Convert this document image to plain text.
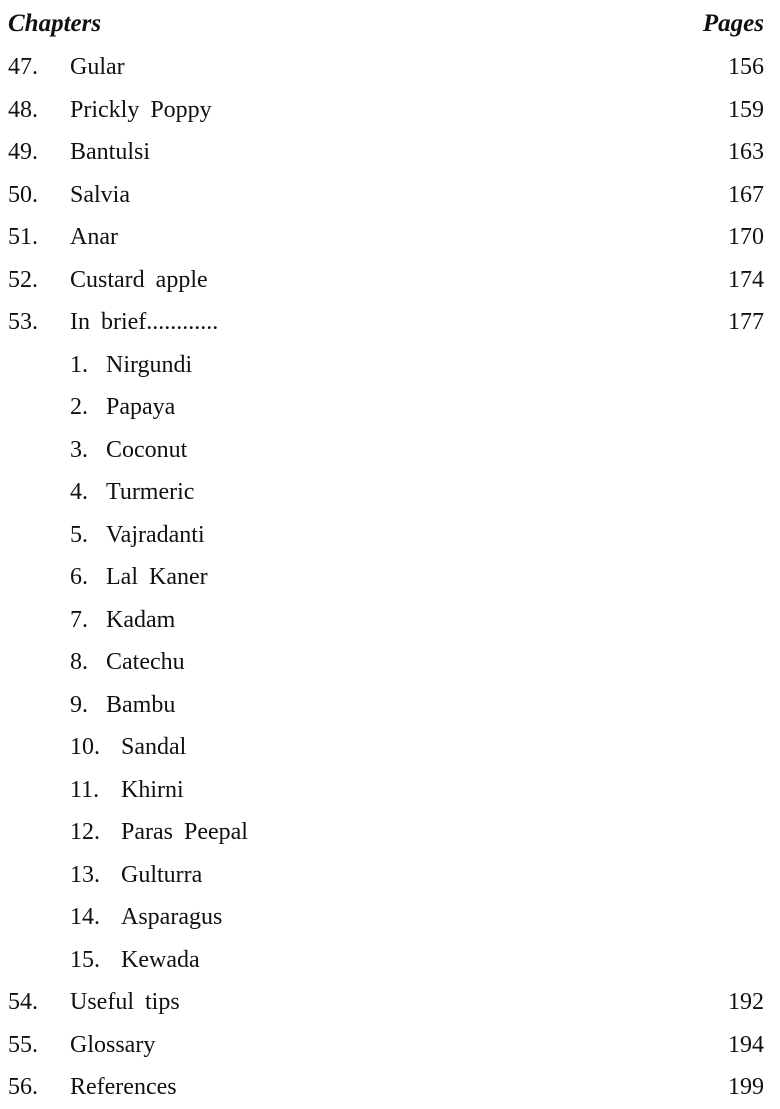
Chapters	Pages
47. Gular	156
48. Prickly Poppy	159
49. Bantulsi	163
50. Salvia	167
51. Anar	170
52. Custard apple	174
53. In brief............	177
1. Nirgundi
2. Papaya
3. Coconut
4. Turmeric
5. Vajradanti
6. Lal Kaner
7. Kadam
8. Catechu
9. Bambu
10. Sandal
11. Khirni
12. Paras Peepal
13. Gulturra
14. Asparagus
15. Kewada
54. Useful tips	192
55. Glossary	194
56. References	199
